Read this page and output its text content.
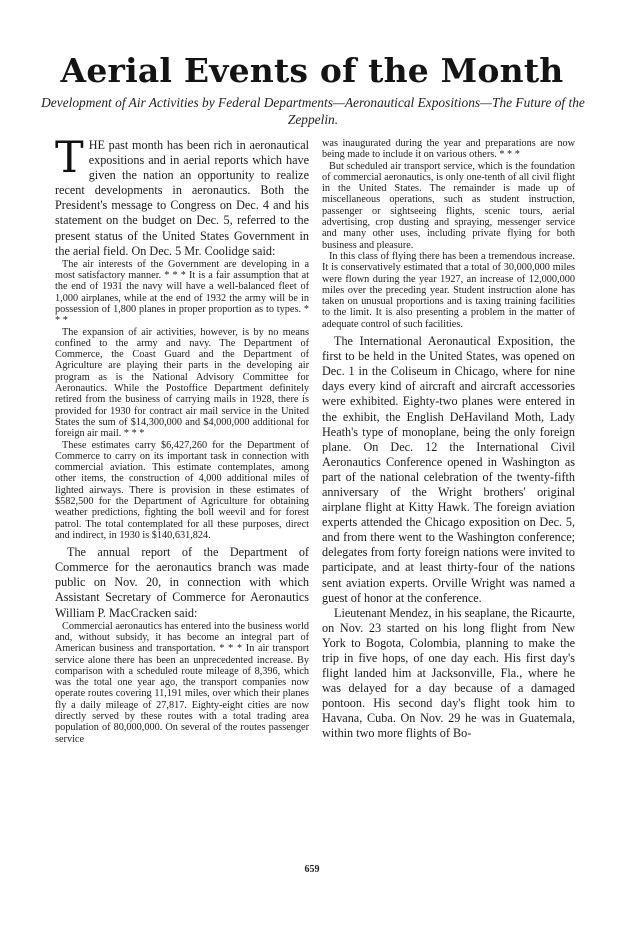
Aerial Events of the Month

Development of Air Activities by Federal Departments—Aeronautical Expositions—The Future of the Zeppelin.

THE past month has been rich in aeronautical expositions and in aerial reports which have given the nation an opportunity to realize recent developments in aeronautics. Both the President's message to Congress on Dec. 4 and his statement on the budget on Dec. 5, referred to the present status of the United States Government in the aerial field. On Dec. 5 Mr. Coolidge said:

The air interests of the Government are developing in a most satisfactory manner. * * * It is a fair assumption that at the end of 1931 the navy will have a well-balanced fleet of 1,000 airplanes, while at the end of 1932 the army will be in possession of 1,800 planes in proper proportion as to types. * * *

The expansion of air activities, however, is by no means confined to the army and navy. The Department of Commerce, the Coast Guard and the Department of Agriculture are playing their parts in the developing air program as is the National Advisory Committee for Aeronautics. While the Postoffice Department definitely retired from the business of carrying mails in 1928, there is provided for 1930 for contract air mail service in the United States the sum of $14,300,000 and $4,000,000 additional for foreign air mail. * * *

These estimates carry $6,427,260 for the Department of Commerce to carry on its important task in connection with commercial aviation. This estimate contemplates, among other items, the construction of 4,000 additional miles of lighted airways. There is provision in these estimates of $582,500 for the Department of Agriculture for obtaining weather predictions, fighting the boll weevil and for forest patrol. The total contemplated for all these purposes, direct and indirect, in 1930 is $140,631,824.

The annual report of the Department of Commerce for the aeronautics branch was made public on Nov. 20, in connection with which Assistant Secretary of Commerce for Aeronautics William P. MacCracken said:

Commercial aeronautics has entered into the business world and, without subsidy, it has become an integral part of American business and transportation. * * * In air transport service alone there has been an unprecedented increase. By comparison with a scheduled route mileage of 8,396, which was the total one year ago, the transport companies now operate routes covering 11,191 miles, over which their planes fly a daily mileage of 27,817. Eighty-eight cities are now directly served by these routes with a total trading area population of 80,000,000. On several of the routes passenger service

was inaugurated during the year and preparations are now being made to include it on various others. * * *

But scheduled air transport service, which is the foundation of commercial aeronautics, is only one-tenth of all civil flight in the United States. The remainder is made up of miscellaneous operations, such as student instruction, passenger or sightseeing flights, scenic tours, aerial advertising, crop dusting and spraying, messenger service and many other uses, including private flying for both business and pleasure.

In this class of flying there has been a tremendous increase. It is conservatively estimated that a total of 30,000,000 miles were flown during the year 1927, an increase of 12,000,000 miles over the preceding year. Student instruction alone has taken on unusual proportions and is taxing training facilities to the limit. It is also presenting a problem in the matter of adequate control of such facilities.

The International Aeronautical Exposition, the first to be held in the United States, was opened on Dec. 1 in the Coliseum in Chicago, where for nine days every kind of aircraft and aircraft accessories were exhibited. Eighty-two planes were entered in the exhibit, the English DeHaviland Moth, Lady Heath's type of monoplane, being the only foreign plane. On Dec. 12 the International Civil Aeronautics Conference opened in Washington as part of the national celebration of the twenty-fifth anniversary of the Wright brothers' original airplane flight at Kitty Hawk. The foreign aviation experts attended the Chicago exposition on Dec. 5, and from there went to the Washington conference; delegates from forty foreign nations were invited to participate, and at least thirty-four of the nations sent aviation experts. Orville Wright was named a guest of honor at the conference.

Lieutenant Mendez, in his seaplane, the Ricaurte, on Nov. 23 started on his long flight from New York to Bogota, Colombia, planning to make the trip in five hops, of one day each. His first day's flight landed him at Jacksonville, Fla., where he was delayed for a day because of a damaged pontoon. His second day's flight took him to Havana, Cuba. On Nov. 29 he was in Guatemala, within two more flights of Bo-

659
